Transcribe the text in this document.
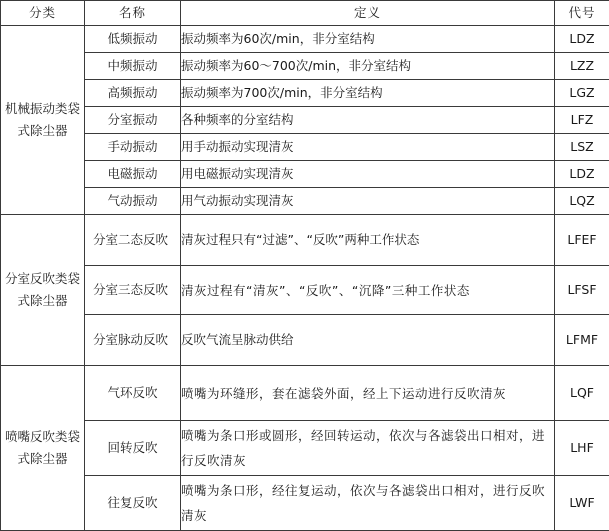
分类	名称	定义	代号
机械振动类袋式除尘器	低频振动	振动频率为60次/min，非分室结构	LDZ
	中频振动	振动频率为60～700次/min，非分室结构	LZZ
	高频振动	振动频率为700次/min，非分室结构	LGZ
	分室振动	各种频率的分室结构	LFZ
	手动振动	用手动振动实现清灰	LSZ
	电磁振动	用电磁振动实现清灰	LDZ
	气动振动	用气动振动实现清灰	LQZ
分室反吹类袋式除尘器	分室二态反吹	清灰过程只有“过滤”、“反吹”两种工作状态	LFEF
	分室三态反吹	清灰过程有“清灰”、“反吹”、“沉降”三种工作状态	LFSF
	分室脉动反吹	反吹气流呈脉动供给	LFMF
喷嘴反吹类袋式除尘器	气环反吹	喷嘴为环缝形，套在滤袋外面，经上下运动进行反吹清灰	LQF
	回转反吹	喷嘴为条口形或圆形，经回转运动，依次与各滤袋出口相对，进行反吹清灰	LHF
	往复反吹	喷嘴为条口形，经往复运动，依次与各滤袋出口相对，进行反吹清灰	LWF
